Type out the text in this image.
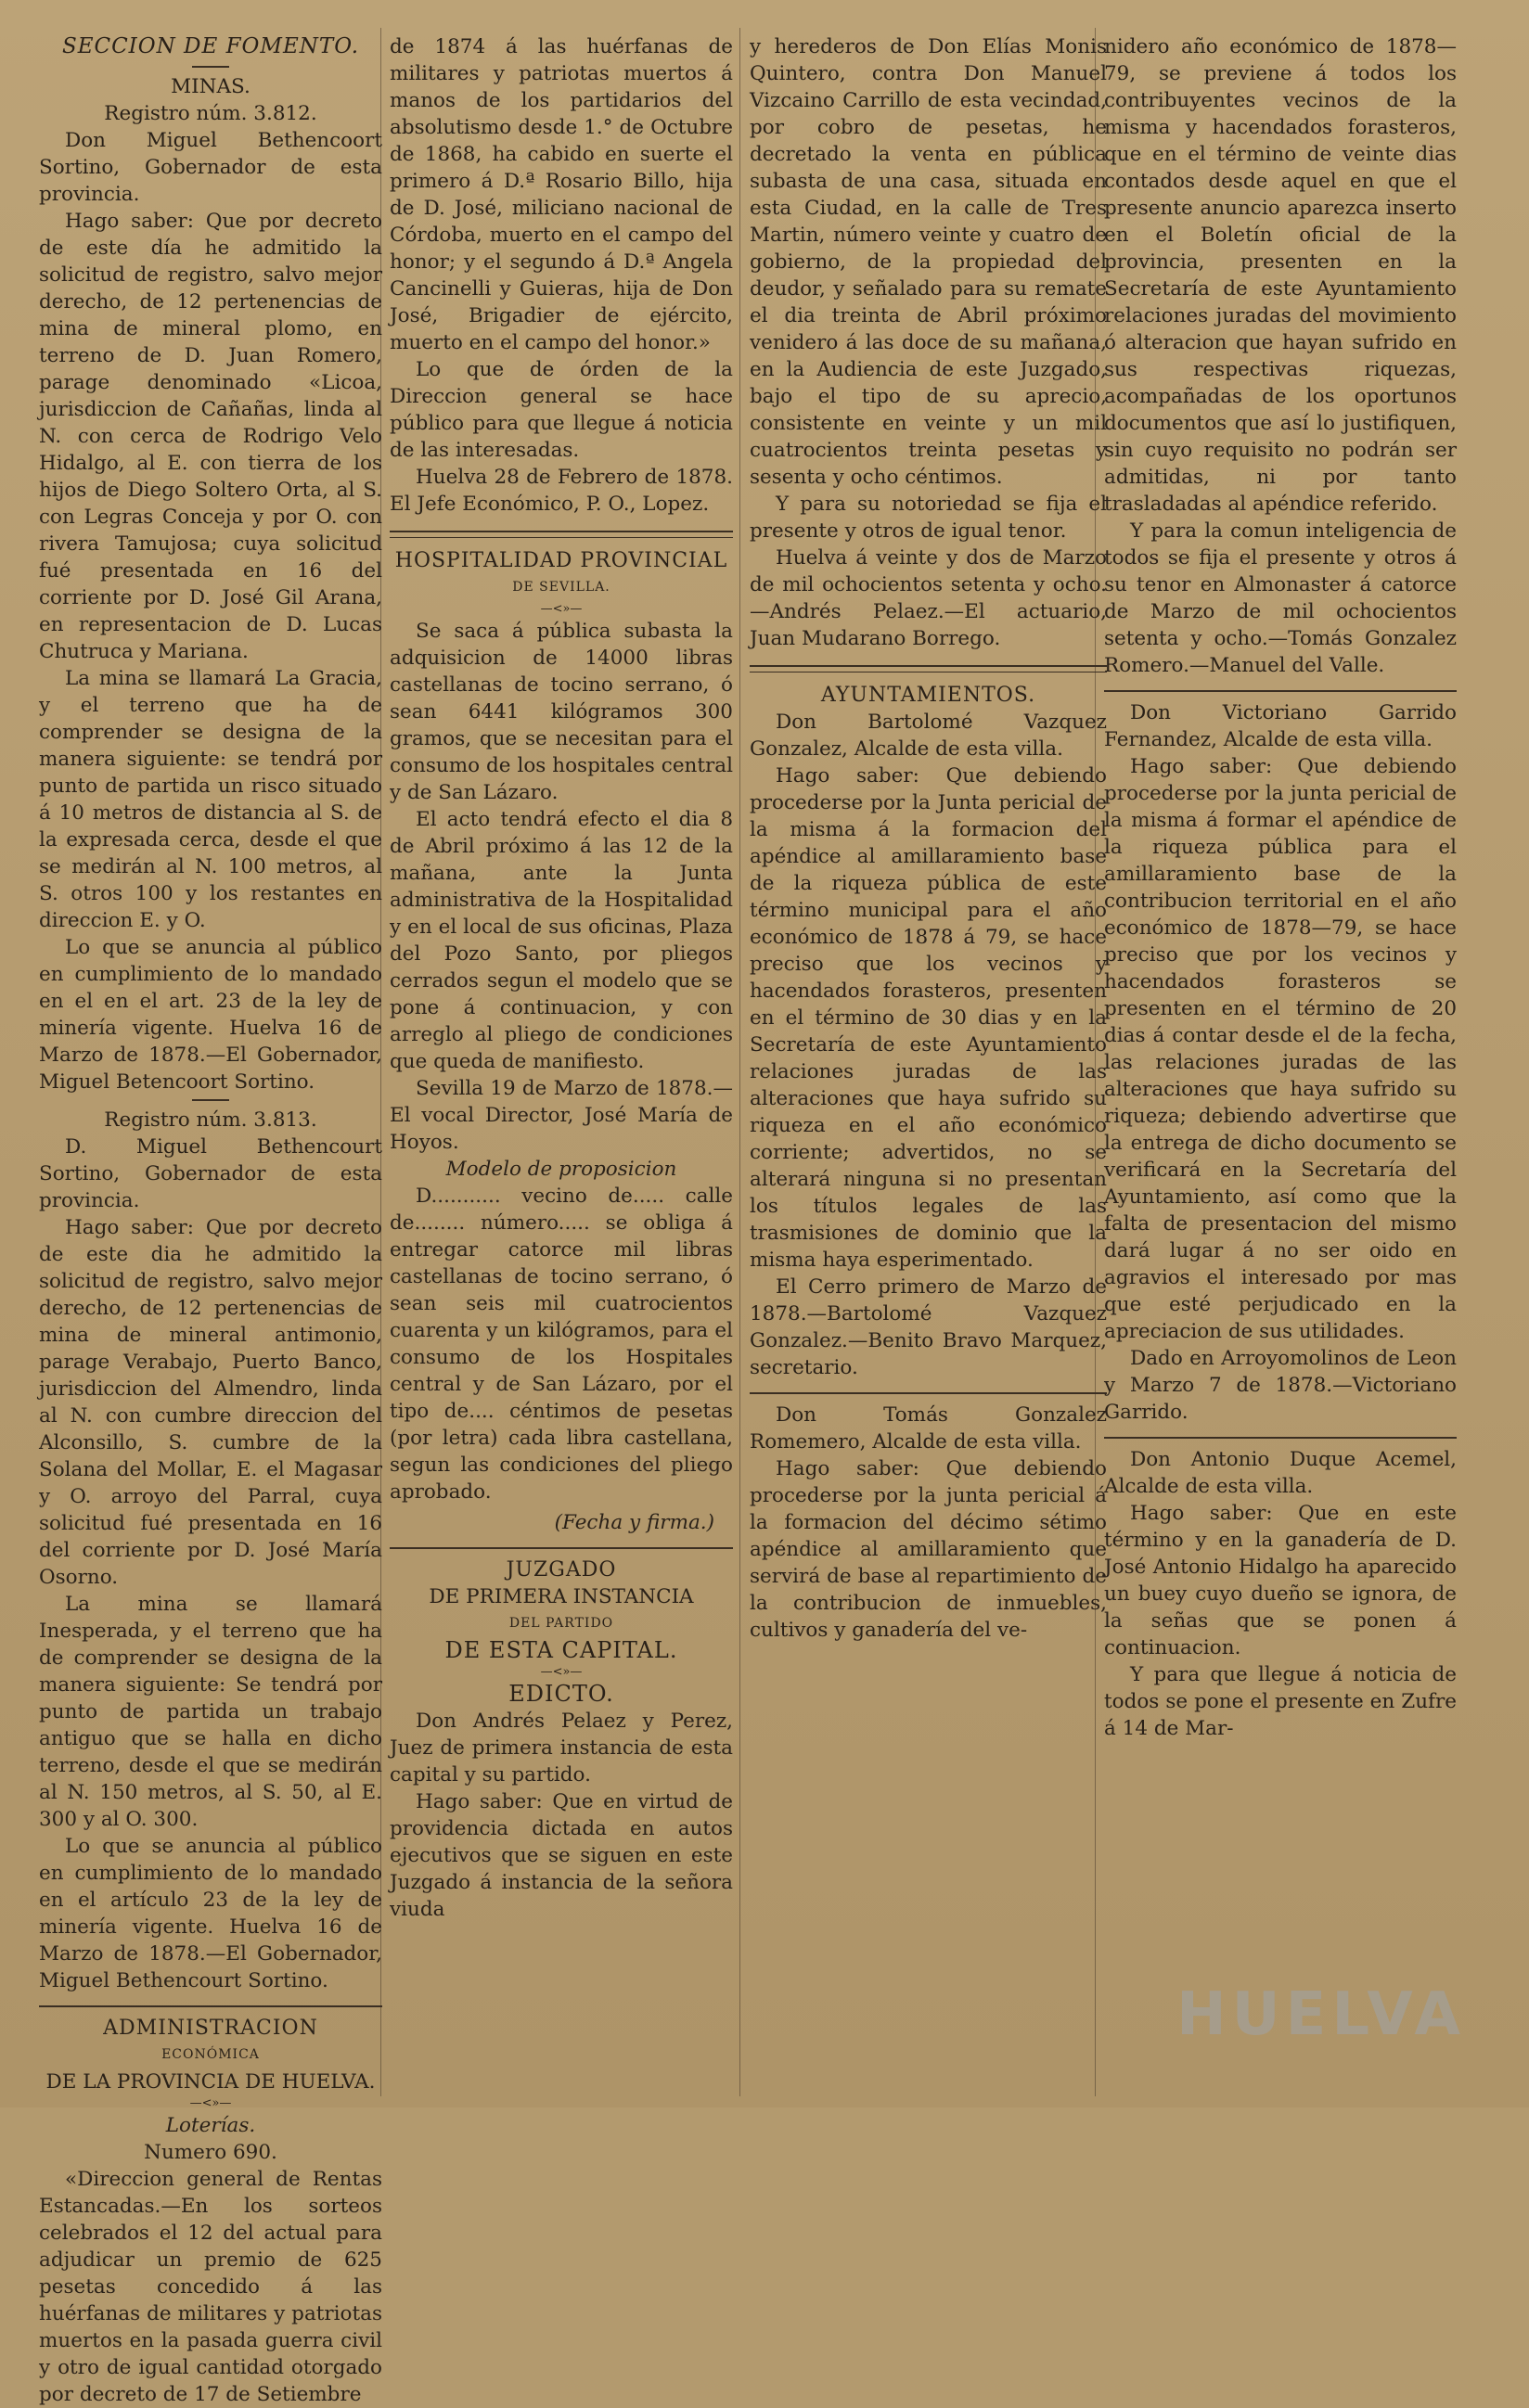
SECCION DE FOMENTO.

MINAS.

Registro núm. 3.812.

Don Miguel Bethencoort Sortino, Gobernador de esta provincia.

Hago saber: Que por decreto de este día he admitido la solicitud de registro, salvo mejor derecho, de 12 pertenencias de mina de mineral plomo, en terreno de D. Juan Romero, parage denominado «Licoa, jurisdiccion de Cañañas, linda al N. con cerca de Rodrigo Velo Hidalgo, al E. con tierra de los hijos de Diego Soltero Orta, al S. con Legras Conceja y por O. con rivera Tamujosa; cuya solicitud fué presentada en 16 del corriente por D. José Gil Arana, en representacion de D. Lucas Chutruca y Mariana.

La mina se llamará La Gracia, y el terreno que ha de comprender se designa de la manera siguiente: se tendrá por punto de partida un risco situado á 10 metros de distancia al S. de la expresada cerca, desde el que se medirán al N. 100 metros, al S. otros 100 y los restantes en direccion E. y O.

Lo que se anuncia al público en cumplimiento de lo mandado en el en el art. 23 de la ley de minería vigente. Huelva 16 de Marzo de 1878.—El Gobernador, Miguel Betencoort Sortino.

Registro núm. 3.813.

D. Miguel Bethencourt Sortino, Gobernador de esta provincia.

Hago saber: Que por decreto de este dia he admitido la solicitud de registro, salvo mejor derecho, de 12 pertenencias de mina de mineral antimonio, parage Verabajo, Puerto Banco, jurisdiccion del Almendro, linda al N. con cumbre direccion del Alconsillo, S. cumbre de la Solana del Mollar, E. el Magasar y O. arroyo del Parral, cuya solicitud fué presentada en 16 del corriente por D. José María Osorno.

La mina se llamará Inesperada, y el terreno que ha de comprender se designa de la manera siguiente: Se tendrá por punto de partida un trabajo antiguo que se halla en dicho terreno, desde el que se medirán al N. 150 metros, al S. 50, al E. 300 y al O. 300.

Lo que se anuncia al público en cumplimiento de lo mandado en el artículo 23 de la ley de minería vigente. Huelva 16 de Marzo de 1878.—El Gobernador, Miguel Bethencourt Sortino.

ADMINISTRACION

ECONÓMICA

DE LA PROVINCIA DE HUELVA.

—<»—

Loterías.

Numero 690.

«Direccion general de Rentas Estancadas.—En los sorteos celebrados el 12 del actual para adjudicar un premio de 625 pesetas concedido á las huérfanas de militares y patriotas muertos en la pasada guerra civil y otro de igual cantidad otorgado por decreto de 17 de Setiembre

de 1874 á las huérfanas de militares y patriotas muertos á manos de los partidarios del absolutismo desde 1.° de Octubre de 1868, ha cabido en suerte el primero á D.ª Rosario Billo, hija de D. José, miliciano nacional de Córdoba, muerto en el campo del honor; y el segundo á D.ª Angela Cancinelli y Guieras, hija de Don José, Brigadier de ejército, muerto en el campo del honor.»

Lo que de órden de la Direccion general se hace público para que llegue á noticia de las interesadas.

Huelva 28 de Febrero de 1878. El Jefe Económico, P. O., Lopez.

HOSPITALIDAD PROVINCIAL

DE SEVILLA.

—<»—

Se saca á pública subasta la adquisicion de 14000 libras castellanas de tocino serrano, ó sean 6441 kilógramos 300 gramos, que se necesitan para el consumo de los hospitales central y de San Lázaro.

El acto tendrá efecto el dia 8 de Abril próximo á las 12 de la mañana, ante la Junta administrativa de la Hospitalidad y en el local de sus oficinas, Plaza del Pozo Santo, por pliegos cerrados segun el modelo que se pone á continuacion, y con arreglo al pliego de condiciones que queda de manifiesto.

Sevilla 19 de Marzo de 1878.—El vocal Director, José María de Hoyos.

Modelo de proposicion

D........... vecino de..... calle de........ número..... se obliga á entregar catorce mil libras castellanas de tocino serrano, ó sean seis mil cuatrocientos cuarenta y un kilógramos, para el consumo de los Hospitales central y de San Lázaro, por el tipo de.... céntimos de pesetas (por letra) cada libra castellana, segun las condiciones del pliego aprobado.

(Fecha y firma.)

JUZGADO

DE PRIMERA INSTANCIA

DEL PARTIDO

DE ESTA CAPITAL.

—<»—

EDICTO.

Don Andrés Pelaez y Perez, Juez de primera instancia de esta capital y su partido.

Hago saber: Que en virtud de providencia dictada en autos ejecutivos que se siguen en este Juzgado á instancia de la señora viuda

y herederos de Don Elías Monis Quintero, contra Don Manuel Vizcaino Carrillo de esta vecindad, por cobro de pesetas, he decretado la venta en pública subasta de una casa, situada en esta Ciudad, en la calle de Tres Martin, número veinte y cuatro de gobierno, de la propiedad del deudor, y señalado para su remate el dia treinta de Abril próximo venidero á las doce de su mañana, en la Audiencia de este Juzgado, bajo el tipo de su aprecio, consistente en veinte y un mil cuatrocientos treinta pesetas y sesenta y ocho céntimos.

Y para su notoriedad se fija el presente y otros de igual tenor.

Huelva á veinte y dos de Marzo de mil ochocientos setenta y ocho.—Andrés Pelaez.—El actuario, Juan Mudarano Borrego.

AYUNTAMIENTOS.

Don Bartolomé Vazquez Gonzalez, Alcalde de esta villa.

Hago saber: Que debiendo procederse por la Junta pericial de la misma á la formacion del apéndice al amillaramiento base de la riqueza pública de este término municipal para el año económico de 1878 á 79, se hace preciso que los vecinos y hacendados forasteros, presenten en el término de 30 dias y en la Secretaría de este Ayuntamiento relaciones juradas de las alteraciones que haya sufrido su riqueza en el año económico corriente; advertidos, no se alterará ninguna si no presentan los títulos legales de las trasmisiones de dominio que la misma haya esperimentado.

El Cerro primero de Marzo de 1878.—Bartolomé Vazquez Gonzalez.—Benito Bravo Marquez, secretario.

Don Tomás Gonzalez Romemero, Alcalde de esta villa.

Hago saber: Que debiendo procederse por la junta pericial á la formacion del décimo sétimo apéndice al amillaramiento que servirá de base al repartimiento de la contribucion de inmuebles, cultivos y ganadería del ve-

nidero año económico de 1878—79, se previene á todos los contribuyentes vecinos de la misma y hacendados forasteros, que en el término de veinte dias contados desde aquel en que el presente anuncio aparezca inserto en el Boletín oficial de la provincia, presenten en la Secretaría de este Ayuntamiento relaciones juradas del movimiento ó alteracion que hayan sufrido en sus respectivas riquezas, acompañadas de los oportunos documentos que así lo justifiquen, sin cuyo requisito no podrán ser admitidas, ni por tanto trasladadas al apéndice referido.

Y para la comun inteligencia de todos se fija el presente y otros á su tenor en Almonaster á catorce de Marzo de mil ochocientos setenta y ocho.—Tomás Gonzalez Romero.—Manuel del Valle.

Don Victoriano Garrido Fernandez, Alcalde de esta villa.

Hago saber: Que debiendo procederse por la junta pericial de la misma á formar el apéndice de la riqueza pública para el amillaramiento base de la contribucion territorial en el año económico de 1878—79, se hace preciso que por los vecinos y hacendados forasteros se presenten en el término de 20 dias á contar desde el de la fecha, las relaciones juradas de las alteraciones que haya sufrido su riqueza; debiendo advertirse que la entrega de dicho documento se verificará en la Secretaría del Ayuntamiento, así como que la falta de presentacion del mismo dará lugar á no ser oido en agravios el interesado por mas que esté perjudicado en la apreciacion de sus utilidades.

Dado en Arroyomolinos de Leon y Marzo 7 de 1878.—Victoriano Garrido.

Don Antonio Duque Acemel, Alcalde de esta villa.

Hago saber: Que en este término y en la ganadería de D. José Antonio Hidalgo ha aparecido un buey cuyo dueño se ignora, de la señas que se ponen á continuacion.

Y para que llegue á noticia de todos se pone el presente en Zufre á 14 de Mar-

HUELVA
